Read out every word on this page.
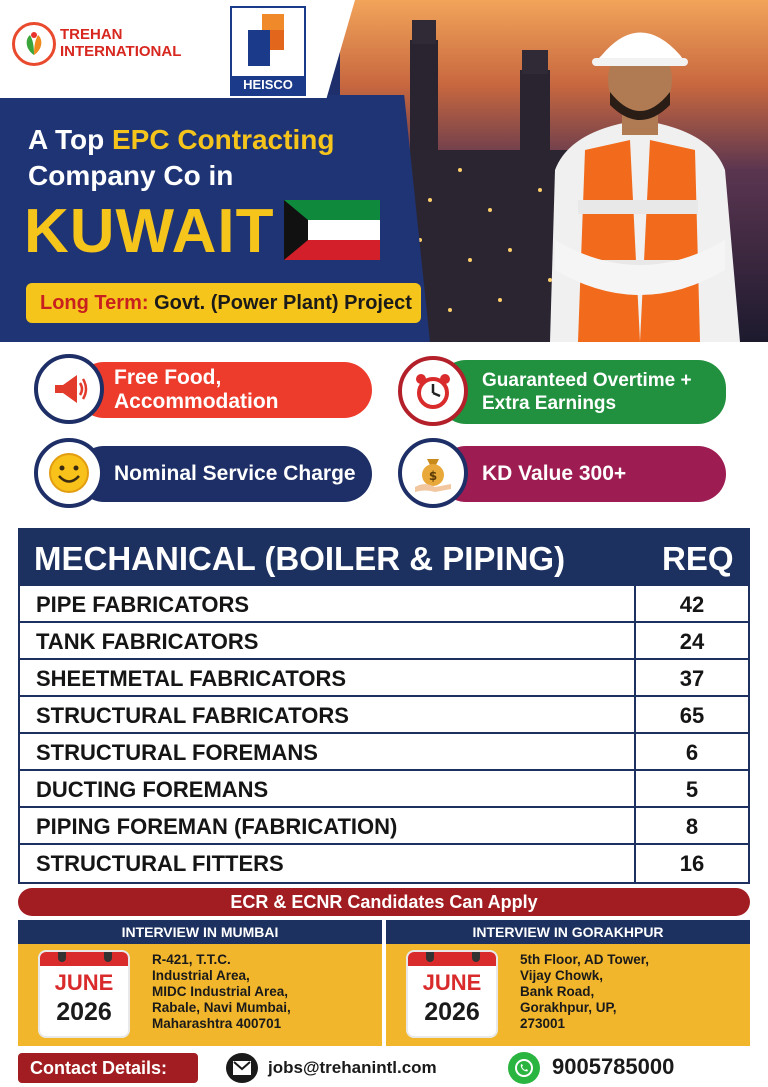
TREHAN
INTERNATIONAL
HEISCO
A Top EPC Contracting
Company Co in
KUWAIT
Long Term: Govt. (Power Plant) Project
Free Food, Accommodation
Guaranteed Overtime +
Extra Earnings
Nominal Service Charge	KD Value 300+
$
MECHANICAL (BOILER & PIPING)	REQ
PIPE FABRICATORS	42
TANK FABRICATORS	24
SHEETMETAL FABRICATORS	37
STRUCTURAL FABRICATORS	65
STRUCTURAL FOREMANS	6
DUCTING FOREMANS	5
PIPING FOREMAN (FABRICATION)	8
STRUCTURAL FITTERS	16
ECR & ECNR Candidates Can Apply
INTERVIEW IN MUMBAI
JUNE
2026
R-421, T.T.C.
Industrial Area,
MIDC Industrial Area,
Rabale, Navi Mumbai,
Maharashtra 400701
INTERVIEW IN GORAKHPUR
JUNE
2026
5th Floor, AD Tower,
Vijay Chowk,
Bank Road,
Gorakhpur, UP,
273001
Contact Details:	jobs@trehanintl.com	9005785000
